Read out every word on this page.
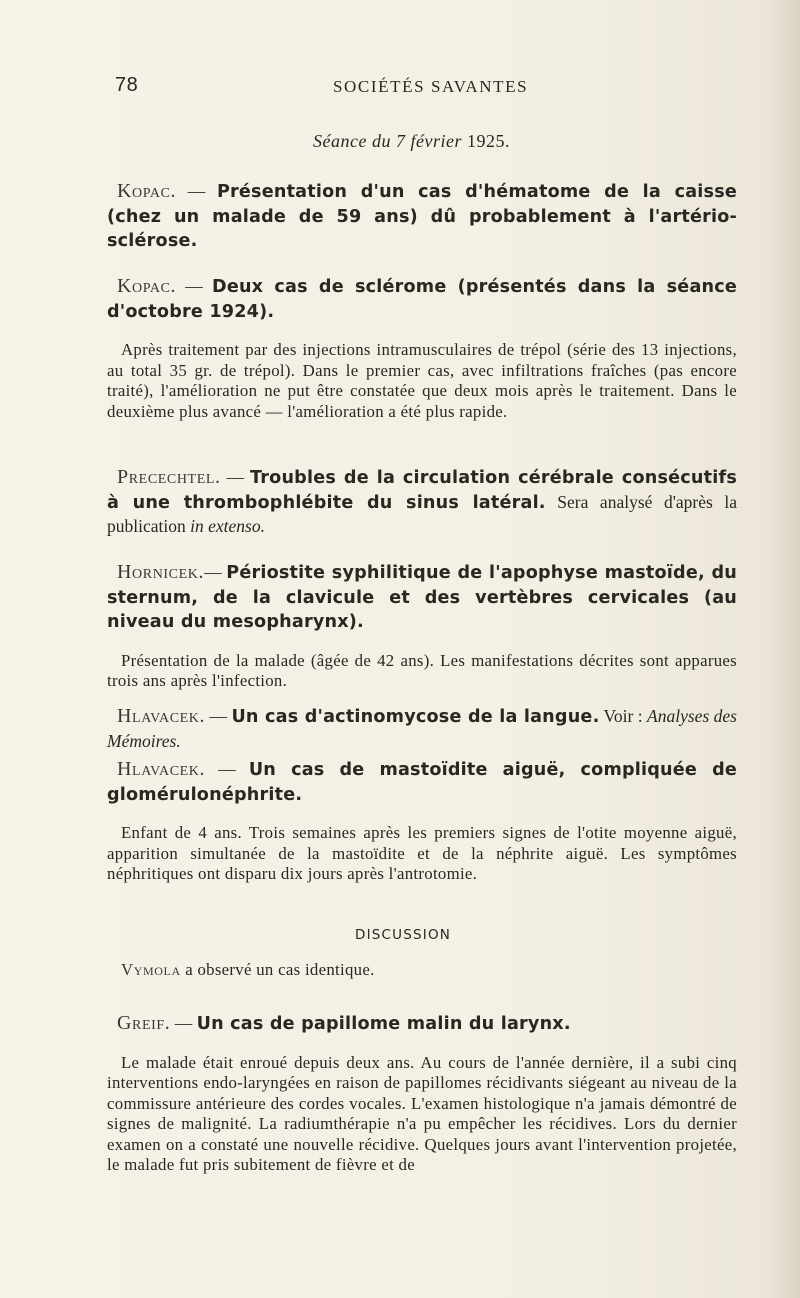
78	SOCIÉTÉS SAVANTES
Séance du 7 février 1925.

Kopac. — Présentation d'un cas d'hématome de la caisse (chez un malade de 59 ans) dû probablement à l'artério-sclérose.

Kopac. — Deux cas de sclérome (présentés dans la séance d'octobre 1924).

Après traitement par des injections intramusculaires de trépol (série des 13 injections, au total 35 gr. de trépol). Dans le premier cas, avec infiltrations fraîches (pas encore traité), l'amélioration ne put être constatée que deux mois après le traitement. Dans le deuxième plus avancé — l'amélioration a été plus rapide.

Precechtel. — Troubles de la circulation cérébrale consécutifs à une thrombophlébite du sinus latéral. Sera analysé d'après la publication in extenso.

Hornicek.— Périostite syphilitique de l'apophyse mastoïde, du sternum, de la clavicule et des vertèbres cervicales (au niveau du mesopharynx).

Présentation de la malade (âgée de 42 ans). Les manifestations décrites sont apparues trois ans après l'infection.

Hlavacek. — Un cas d'actinomycose de la langue. Voir : Analyses des Mémoires.

Hlavacek. — Un cas de mastoïdite aiguë, compliquée de glomérulonéphrite.

Enfant de 4 ans. Trois semaines après les premiers signes de l'otite moyenne aiguë, apparition simultanée de la mastoïdite et de la néphrite aiguë. Les symptômes néphritiques ont disparu dix jours après l'antrotomie.

DISCUSSION

Vymola a observé un cas identique.

Greif. — Un cas de papillome malin du larynx.

Le malade était enroué depuis deux ans. Au cours de l'année dernière, il a subi cinq interventions endo-laryngées en raison de papillomes récidivants siégeant au niveau de la commissure antérieure des cordes vocales. L'examen histologique n'a jamais démontré de signes de malignité. La radiumthérapie n'a pu empêcher les récidives. Lors du dernier examen on a constaté une nouvelle récidive. Quelques jours avant l'intervention projetée, le malade fut pris subitement de fièvre et de
